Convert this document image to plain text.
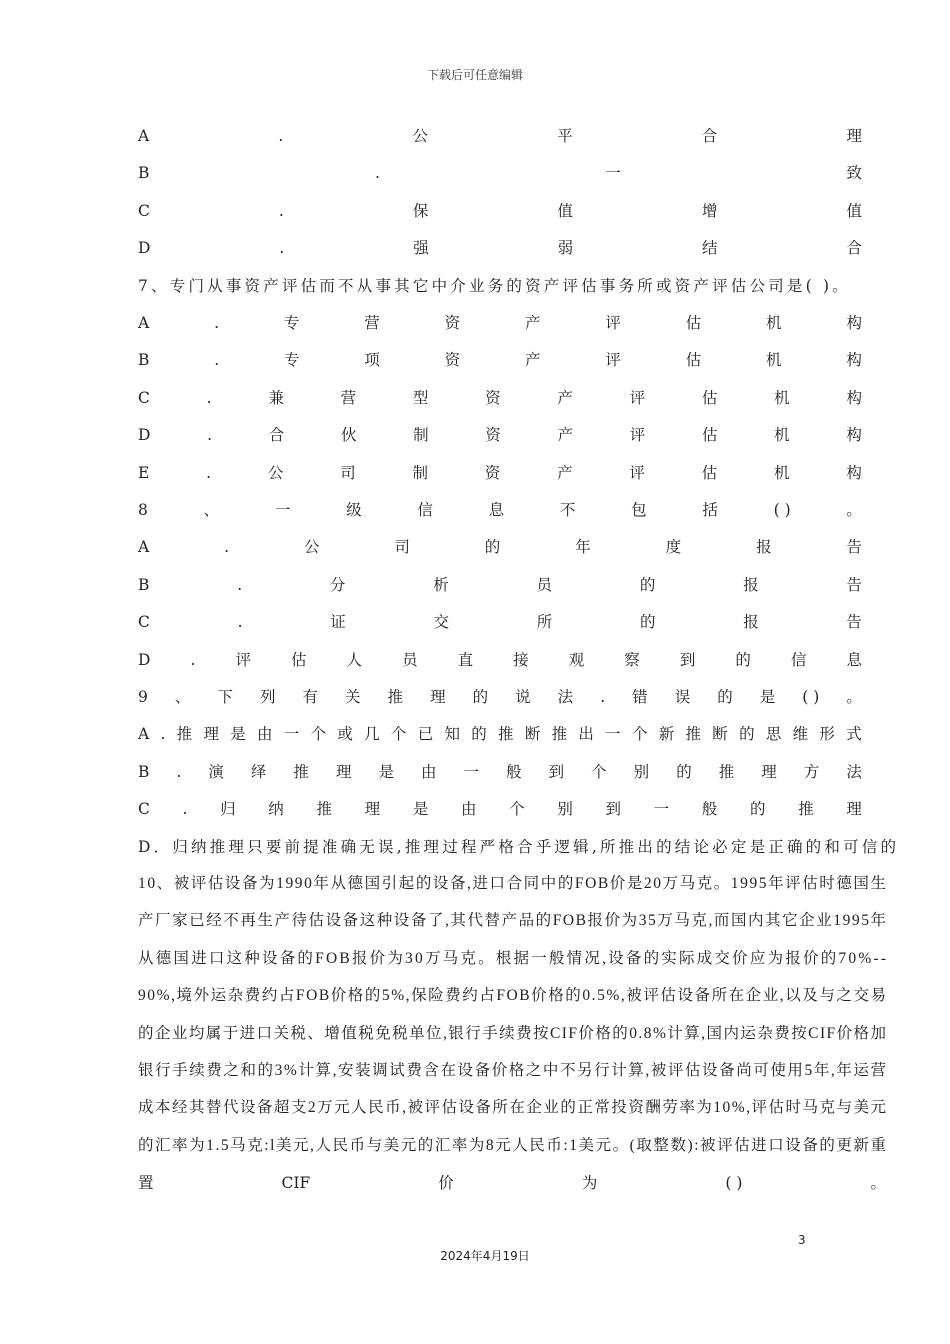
下载后可任意编辑
A	.	公	平	合	理
B	.	一	致
C	.	保	值	增	值
D	.	强	弱	结	合
7、专门从事资产评估而不从事其它中介业务的资产评估事务所或资产评估公司是( )。
A	.	专	营	资	产	评	估	机	构
B	.	专	项	资	产	评	估	机	构
C	.	兼	营	型	资	产	评	估	机	构
D	.	合	伙	制	资	产	评	估	机	构
E	.	公	司	制	资	产	评	估	机	构
8	、	一	级	信	息	不	包	括	( )	。
A	.	公	司	的	年	度	报	告
B	.	分	析	员	的	报	告
C	.	证	交	所	的	报	告
D	.	评	估	人	员	直	接	观	察	到	的	信	息
9 、 下 列 有 关 推 理 的 说 法 . 错 误 的 是 ( ) 。
A . 推 理 是 由 一 个 或 几 个 已 知 的 推 断 推 出 一 个 新 推 断 的 思 维 形 式
B . 演 绎 推 理 是 由 一 般 到 个 别 的 推 理 方 法
C . 归 纳 推 理 是 由 个 别 到 一 般 的 推 理
D．归纳推理只要前提准确无误,推理过程严格合乎逻辑,所推出的结论必定是正确的和可信的
10、被评估设备为1990年从德国引起的设备,进口合同中的FOB价是20万马克。1995年评估时德国生
产厂家已经不再生产待估设备这种设备了,其代替产品的FOB报价为35万马克,而国内其它企业1995年
从德国进口这种设备的FOB报价为30万马克。根据一般情况,设备的实际成交价应为报价的70%--
90%,境外运杂费约占FOB价格的5%,保险费约占FOB价格的0.5%,被评估设备所在企业,以及与之交易
的企业均属于进口关税、增值税免税单位,银行手续费按CIF价格的0.8%计算,国内运杂费按CIF价格加
银行手续费之和的3%计算,安装调试费含在设备价格之中不另行计算,被评估设备尚可使用5年,年运营
成本经其替代设备超支2万元人民币,被评估设备所在企业的正常投资酬劳率为10%,评估时马克与美元
的汇率为1.5马克:l美元,人民币与美元的汇率为8元人民币:1美元。(取整数):被评估进口设备的更新重
置	CIF	价	为	( )	。
3
2024年4月19日
